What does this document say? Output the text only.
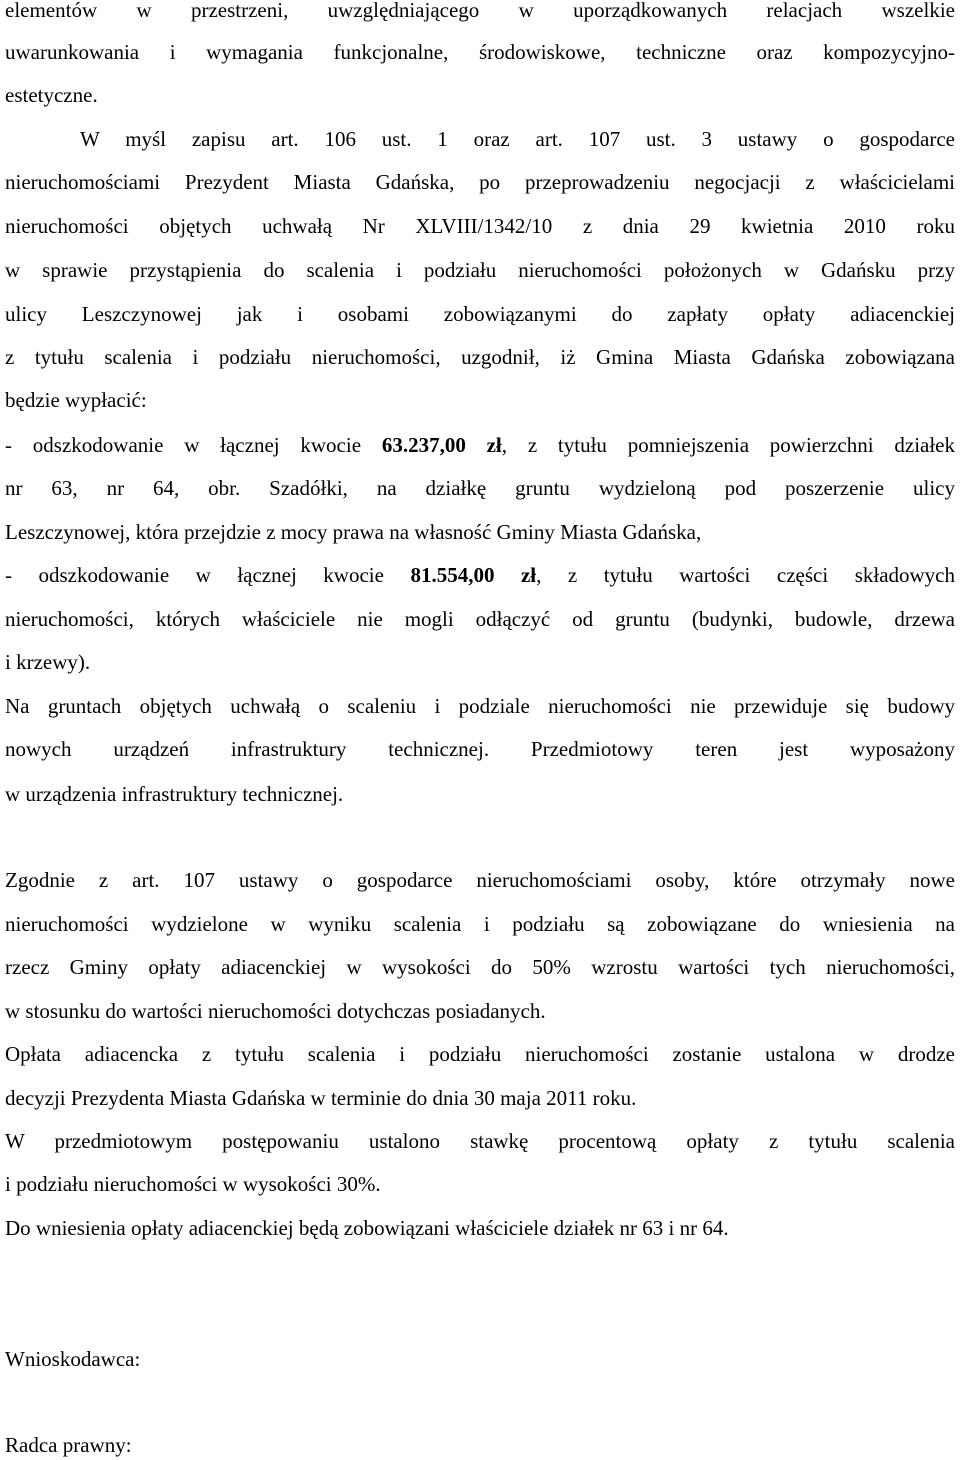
elementów w przestrzeni, uwzględniającego w uporządkowanych relacjach wszelkie
uwarunkowania i wymagania funkcjonalne, środowiskowe, techniczne oraz kompozycyjno-
estetyczne.
W myśl zapisu art. 106 ust. 1 oraz art. 107 ust. 3 ustawy o gospodarce
nieruchomościami Prezydent Miasta Gdańska, po przeprowadzeniu negocjacji z właścicielami
nieruchomości objętych uchwałą Nr XLVIII/1342/10 z dnia 29 kwietnia 2010 roku
w sprawie przystąpienia do scalenia i podziału nieruchomości położonych w Gdańsku przy
ulicy Leszczynowej jak i osobami zobowiązanymi do zapłaty opłaty adiacenckiej
z tytułu scalenia i podziału nieruchomości, uzgodnił, iż Gmina Miasta Gdańska zobowiązana
będzie wypłacić:
- odszkodowanie w łącznej kwocie 63.237,00 zł, z tytułu pomniejszenia powierzchni działek
nr 63, nr 64, obr. Szadółki, na działkę gruntu wydzieloną pod poszerzenie ulicy
Leszczynowej, która przejdzie z mocy prawa na własność Gminy Miasta Gdańska,
- odszkodowanie w łącznej kwocie 81.554,00 zł, z tytułu wartości części składowych
nieruchomości, których właściciele nie mogli odłączyć od gruntu (budynki, budowle, drzewa
i krzewy).
Na gruntach objętych uchwałą o scaleniu i podziale nieruchomości nie przewiduje się budowy
nowych urządzeń infrastruktury technicznej. Przedmiotowy teren jest wyposażony
w urządzenia infrastruktury technicznej.
Zgodnie z art. 107 ustawy o gospodarce nieruchomościami osoby, które otrzymały nowe
nieruchomości wydzielone w wyniku scalenia i podziału są zobowiązane do wniesienia na
rzecz Gminy opłaty adiacenckiej w wysokości do 50% wzrostu wartości tych nieruchomości,
w stosunku do wartości nieruchomości dotychczas posiadanych.
Opłata adiacencka z tytułu scalenia i podziału nieruchomości zostanie ustalona w drodze
decyzji Prezydenta Miasta Gdańska w terminie do dnia 30 maja 2011 roku.
W przedmiotowym postępowaniu ustalono stawkę procentową opłaty z tytułu scalenia
i podziału nieruchomości w wysokości 30%.
Do wniesienia opłaty adiacenckiej będą zobowiązani właściciele działek nr 63 i nr 64.
Wnioskodawca:
Radca prawny:
